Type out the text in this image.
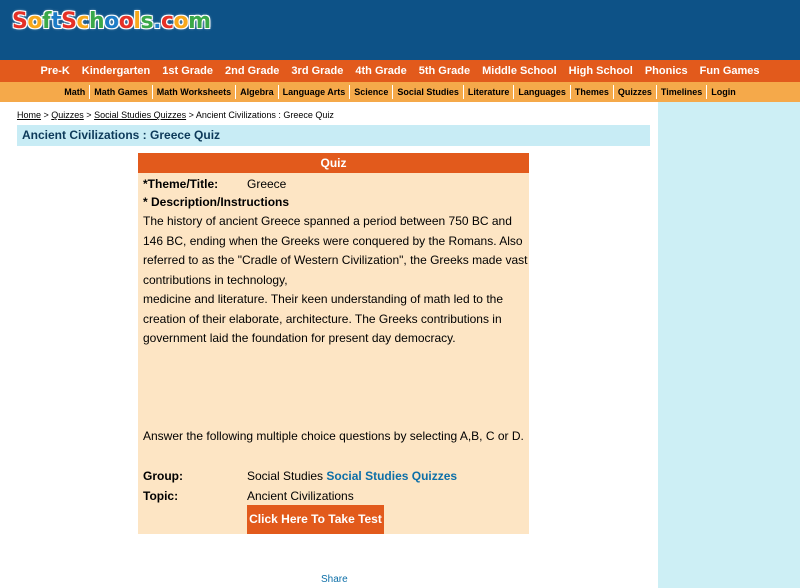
SoftSchools.com
Pre-K	Kindergarten	1st Grade	2nd Grade	3rd Grade	4th Grade	5th Grade	Middle School	High School	Phonics	Fun Games
Math	Math Games	Math Worksheets	Algebra	Language Arts	Science	Social Studies	Literature	Languages	Themes	Quizzes	Timelines	Login
Home > Quizzes > Social Studies Quizzes > Ancient Civilizations : Greece Quiz
Ancient Civilizations : Greece Quiz
Quiz
*Theme/Title: Greece
* Description/Instructions
The history of ancient Greece spanned a period between 750 BC and 146 BC, ending when the Greeks were conquered by the Romans. Also referred to as the "Cradle of Western Civilization", the Greeks made vast contributions in technology,
medicine and literature. Their keen understanding of math led to the creation of their elaborate, architecture. The Greeks contributions in government laid the foundation for present day democracy.
Answer the following multiple choice questions by selecting A,B, C or D.
Group:	Social Studies Social Studies Quizzes
Topic:	Ancient Civilizations
Click Here To Take Test
Share
